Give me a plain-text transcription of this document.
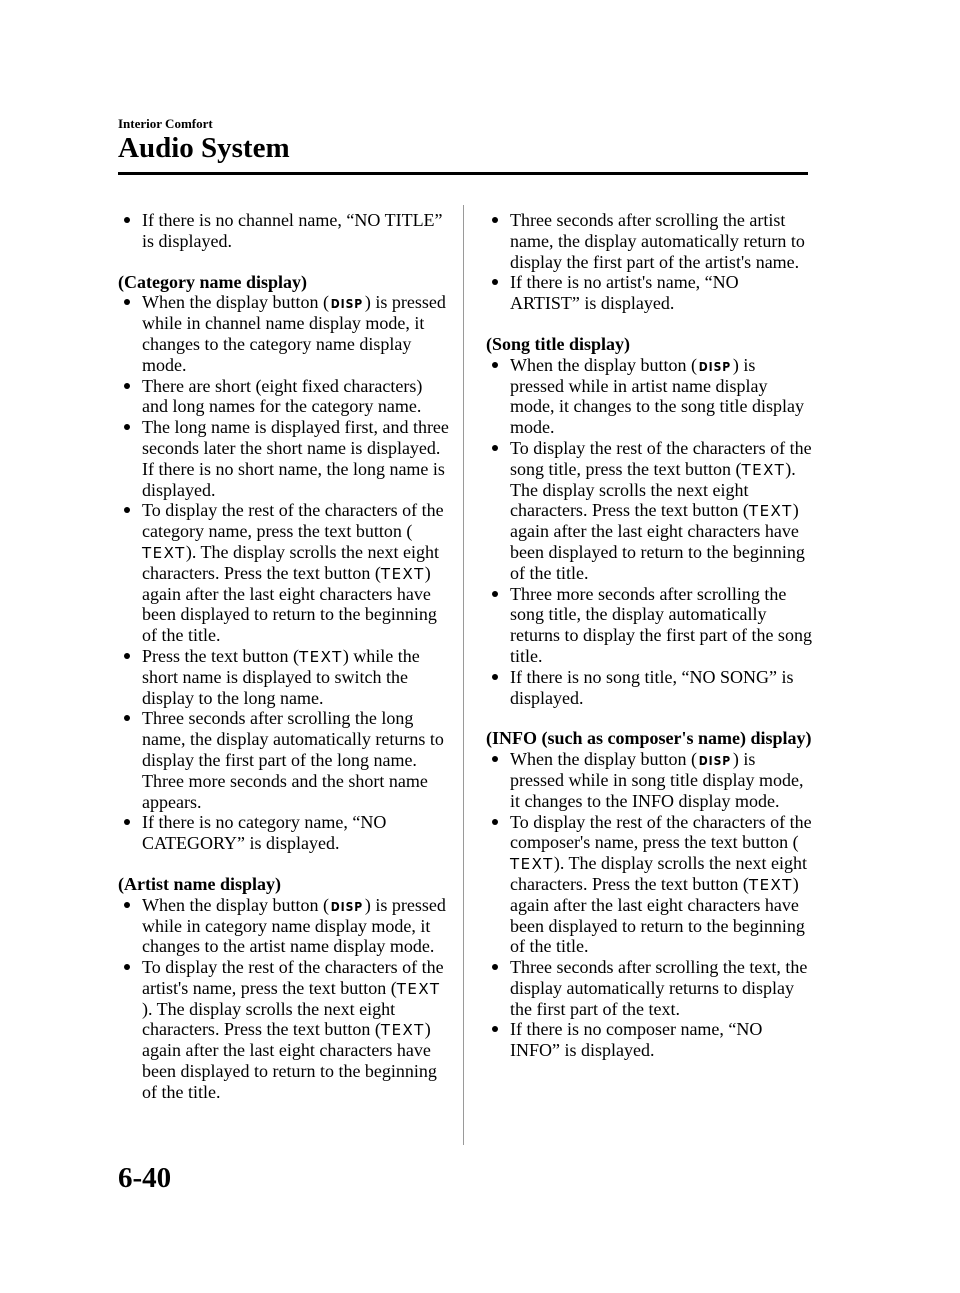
Interior Comfort
Audio System
If there is no channel name, “NO TITLE” is displayed.
(Category name display)
When the display button ( DISP) is pressed while in channel name display mode, it changes to the category name display mode.
There are short (eight fixed characters) and long names for the category name.
The long name is displayed first, and three seconds later the short name is displayed. If there is no short name, the long name is displayed.
To display the rest of the characters of the category name, press the text button (TEXT). The display scrolls the next eight characters. Press the text button (TEXT) again after the last eight characters have been displayed to return to the beginning of the title.
Press the text button (TEXT) while the short name is displayed to switch the display to the long name.
Three seconds after scrolling the long name, the display automatically returns to display the first part of the long name. Three more seconds and the short name appears.
If there is no category name, “NO CATEGORY” is displayed.
(Artist name display)
When the display button ( DISP) is pressed while in category name display mode, it changes to the artist name display mode.
To display the rest of the characters of the artist's name, press the text button (TEXT). The display scrolls the next eight characters. Press the text button (TEXT) again after the last eight characters have been displayed to return to the beginning of the title.
Three seconds after scrolling the artist name, the display automatically return to display the first part of the artist's name.
If there is no artist's name, “NO ARTIST” is displayed.
(Song title display)
When the display button ( DISP) is pressed while in artist name display mode, it changes to the song title display mode.
To display the rest of the characters of the song title, press the text button (TEXT). The display scrolls the next eight characters. Press the text button (TEXT) again after the last eight characters have been displayed to return to the beginning of the title.
Three more seconds after scrolling the song title, the display automatically returns to display the first part of the song title.
If there is no song title, “NO SONG” is displayed.
(INFO (such as composer's name) display)
When the display button ( DISP) is pressed while in song title display mode, it changes to the INFO display mode.
To display the rest of the characters of the composer's name, press the text button (TEXT). The display scrolls the next eight characters. Press the text button (TEXT) again after the last eight characters have been displayed to return to the beginning of the title.
Three seconds after scrolling the text, the display automatically returns to display the first part of the text.
If there is no composer name, “NO INFO” is displayed.
6-40
